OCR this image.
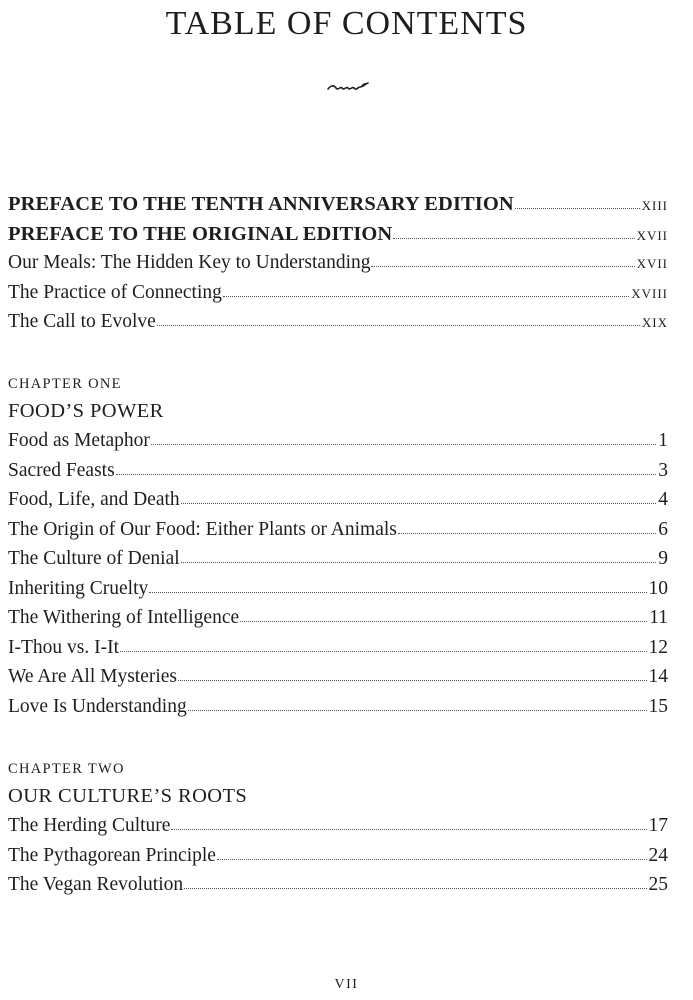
TABLE OF CONTENTS
PREFACE TO THE TENTH ANNIVERSARY EDITION	xiii
PREFACE TO THE ORIGINAL EDITION	xvii
Our Meals: The Hidden Key to Understanding	xvii
The Practice of Connecting	xviii
The Call to Evolve	xix
CHAPTER ONE
FOOD’S POWER
Food as Metaphor	1
Sacred Feasts	3
Food, Life, and Death	4
The Origin of Our Food: Either Plants or Animals	6
The Culture of Denial	9
Inheriting Cruelty	10
The Withering of Intelligence	11
I-Thou vs. I-It	12
We Are All Mysteries	14
Love Is Understanding	15
CHAPTER TWO
OUR CULTURE’S ROOTS
The Herding Culture	17
The Pythagorean Principle	24
The Vegan Revolution	25
VII
